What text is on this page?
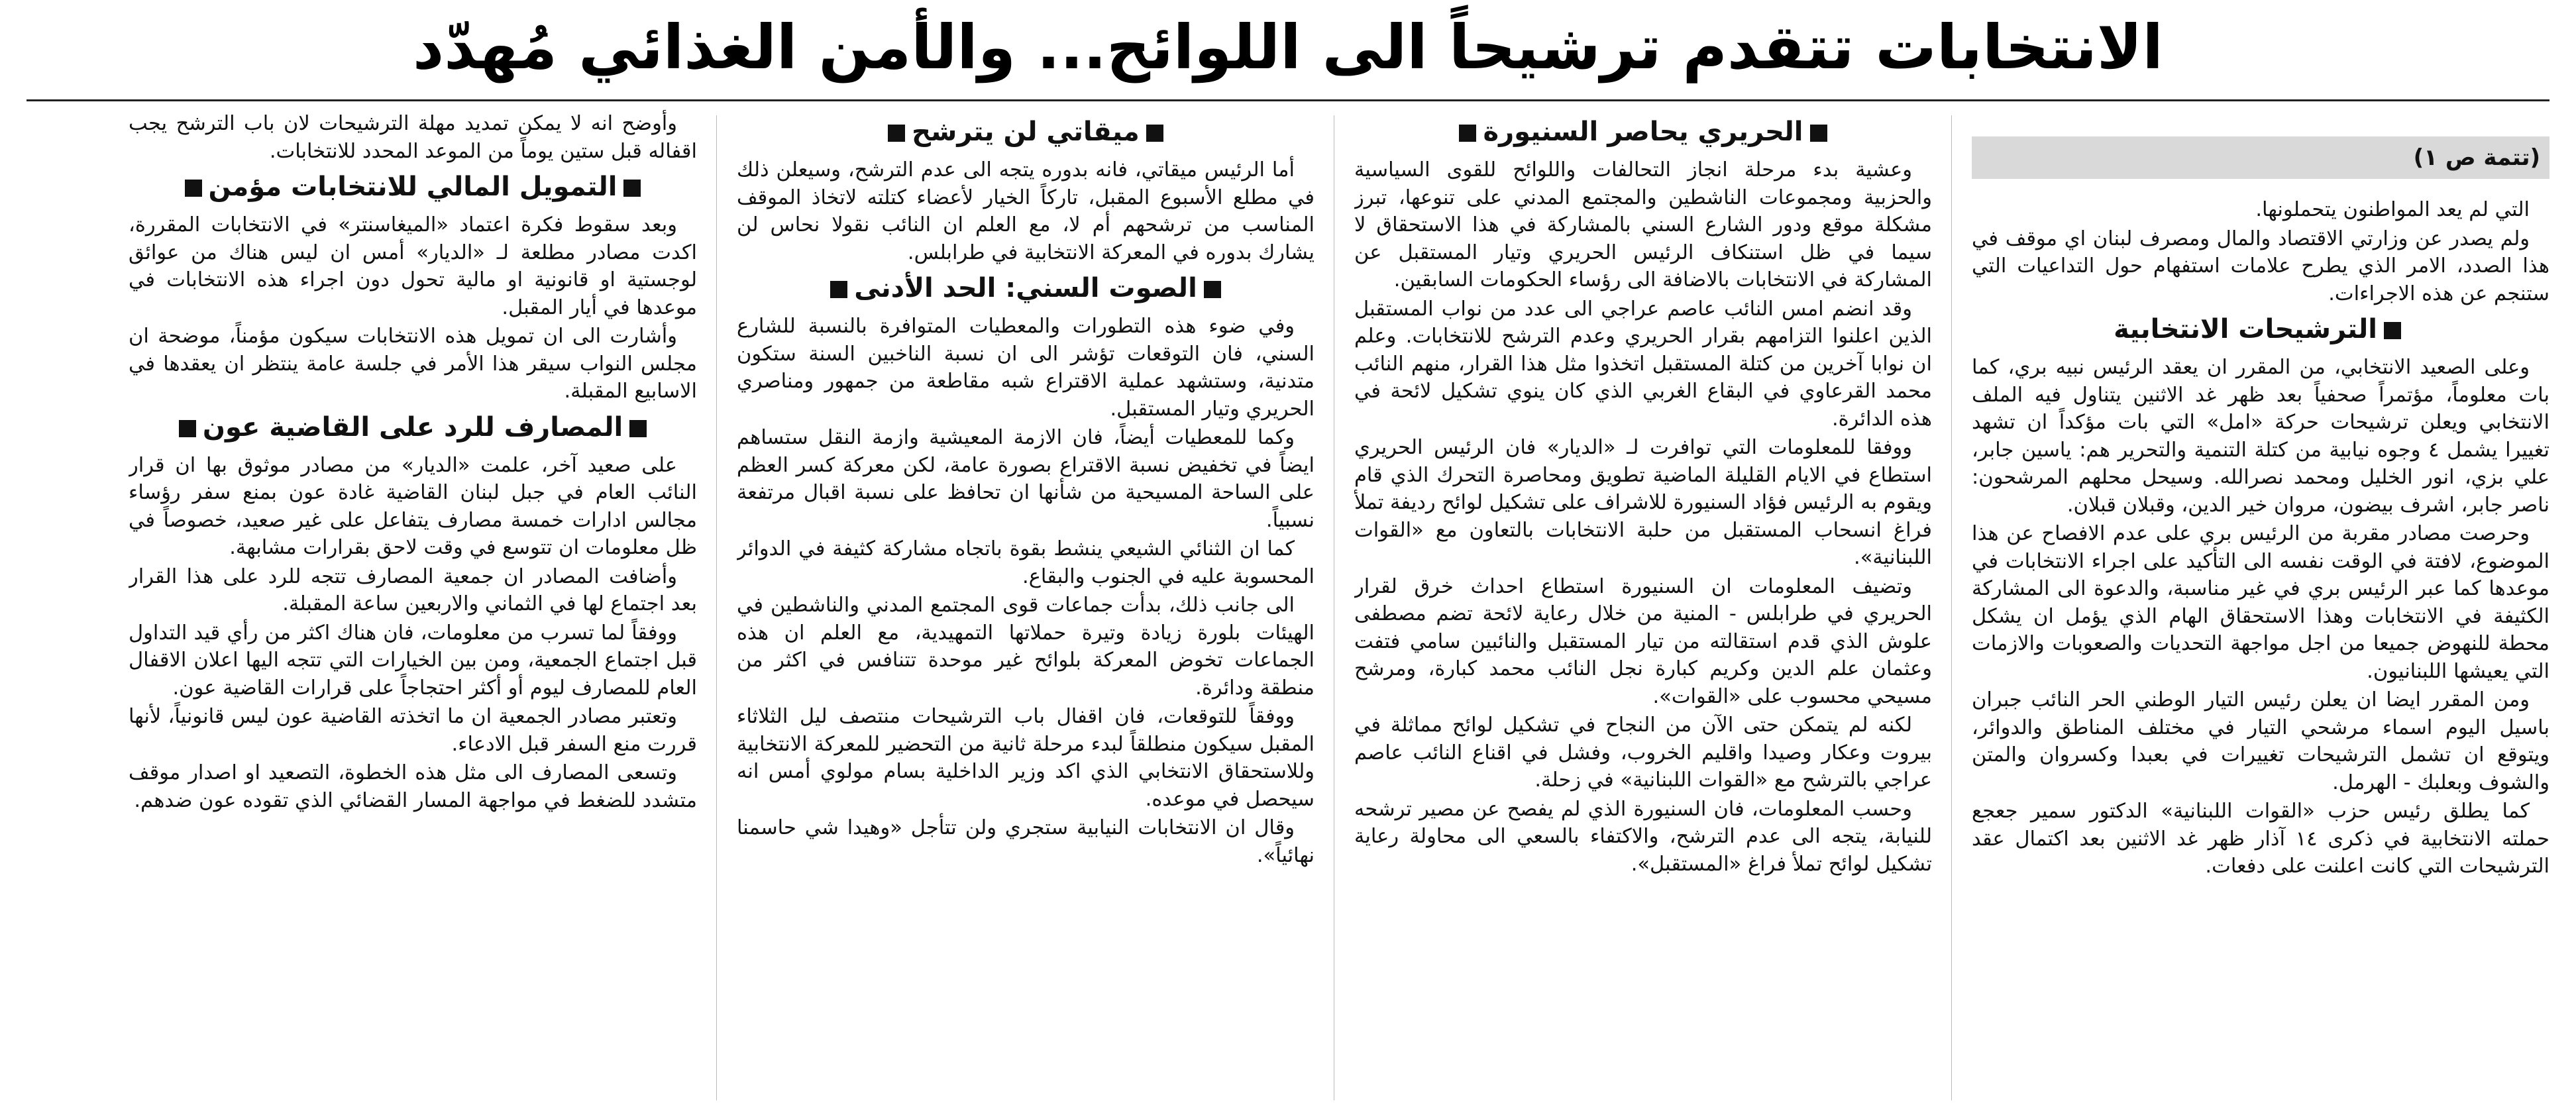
الانتخابات تتقدم ترشيحاً الى اللوائح... والأمن الغذائي مُهدّد
(تتمة ص ١)

التي لم يعد المواطنون يتحملونها.

ولم يصدر عن وزارتي الاقتصاد والمال ومصرف لبنان اي موقف في هذا الصدد، الامر الذي يطرح علامات استفهام حول التداعيات التي ستنجم عن هذه الاجراءات.

الترشيحات الانتخابية

وعلى الصعيد الانتخابي، من المقرر ان يعقد الرئيس نبيه بري، كما بات معلوماً، مؤتمراً صحفياً بعد ظهر غد الاثنين يتناول فيه الملف الانتخابي ويعلن ترشيحات حركة «امل» التي بات مؤكداً ان تشهد تغييرا يشمل ٤ وجوه نيابية من كتلة التنمية والتحرير هم: ياسين جابر، علي بزي، انور الخليل ومحمد نصرالله. وسيحل محلهم المرشحون: ناصر جابر، اشرف بيضون، مروان خير الدين، وقبلان قبلان.

وحرصت مصادر مقربة من الرئيس بري على عدم الافصاح عن هذا الموضوع، لافتة في الوقت نفسه الى التأكيد على اجراء الانتخابات في موعدها كما عبر الرئيس بري في غير مناسبة، والدعوة الى المشاركة الكثيفة في الانتخابات وهذا الاستحقاق الهام الذي يؤمل ان يشكل محطة للنهوض جميعا من اجل مواجهة التحديات والصعوبات والازمات التي يعيشها اللبنانيون.

ومن المقرر ايضا ان يعلن رئيس التيار الوطني الحر النائب جبران باسيل اليوم اسماء مرشحي التيار في مختلف المناطق والدوائر، ويتوقع ان تشمل الترشيحات تغييرات في بعبدا وكسروان والمتن والشوف وبعلبك - الهرمل.

كما يطلق رئيس حزب «القوات اللبنانية» الدكتور سمير جعجع حملته الانتخابية في ذكرى ١٤ آذار ظهر غد الاثنين بعد اكتمال عقد الترشيحات التي كانت اعلنت على دفعات.

الحريري يحاصر السنيورة

وعشية بدء مرحلة انجاز التحالفات واللوائح للقوى السياسية والحزبية ومجموعات الناشطين والمجتمع المدني على تنوعها، تبرز مشكلة موقع ودور الشارع السني بالمشاركة في هذا الاستحقاق لا سيما في ظل استنكاف الرئيس الحريري وتيار المستقبل عن المشاركة في الانتخابات بالاضافة الى رؤساء الحكومات السابقين.

وقد انضم امس النائب عاصم عراجي الى عدد من نواب المستقبل الذين اعلنوا التزامهم بقرار الحريري وعدم الترشح للانتخابات. وعلم ان نوابا آخرين من كتلة المستقبل اتخذوا مثل هذا القرار، منهم النائب محمد القرعاوي في البقاع الغربي الذي كان ينوي تشكيل لائحة في هذه الدائرة.

ووفقا للمعلومات التي توافرت لـ «الديار» فان الرئيس الحريري استطاع في الايام القليلة الماضية تطويق ومحاصرة التحرك الذي قام ويقوم به الرئيس فؤاد السنيورة للاشراف على تشكيل لوائح رديفة تملأ فراغ انسحاب المستقبل من حلبة الانتخابات بالتعاون مع «القوات اللبنانية».

وتضيف المعلومات ان السنيورة استطاع احداث خرق لقرار الحريري في طرابلس - المنية من خلال رعاية لائحة تضم مصطفى علوش الذي قدم استقالته من تيار المستقبل والنائبين سامي فتفت وعثمان علم الدين وكريم كبارة نجل النائب محمد كبارة، ومرشح مسيحي محسوب على «القوات».

لكنه لم يتمكن حتى الآن من النجاح في تشكيل لوائح مماثلة في بيروت وعكار وصيدا واقليم الخروب، وفشل في اقناع النائب عاصم عراجي بالترشح مع «القوات اللبنانية» في زحلة.

وحسب المعلومات، فان السنيورة الذي لم يفصح عن مصير ترشحه للنيابة، يتجه الى عدم الترشح، والاكتفاء بالسعي الى محاولة رعاية تشكيل لوائح تملأ فراغ «المستقبل».

ميقاتي لن يترشح

أما الرئيس ميقاتي، فانه بدوره يتجه الى عدم الترشح، وسيعلن ذلك في مطلع الأسبوع المقبل، تاركاً الخيار لأعضاء كتلته لاتخاذ الموقف المناسب من ترشحهم أم لا، مع العلم ان النائب نقولا نحاس لن يشارك بدوره في المعركة الانتخابية في طرابلس.

الصوت السني: الحد الأدنى

وفي ضوء هذه التطورات والمعطيات المتوافرة بالنسبة للشارع السني، فان التوقعات تؤشر الى ان نسبة الناخبين السنة ستكون متدنية، وستشهد عملية الاقتراع شبه مقاطعة من جمهور ومناصري الحريري وتيار المستقبل.

وكما للمعطيات أيضاً، فان الازمة المعيشية وازمة النقل ستساهم ايضاً في تخفيض نسبة الاقتراع بصورة عامة، لكن معركة كسر العظم على الساحة المسيحية من شأنها ان تحافظ على نسبة اقبال مرتفعة نسبياً.

كما ان الثنائي الشيعي ينشط بقوة باتجاه مشاركة كثيفة في الدوائر المحسوبة عليه في الجنوب والبقاع.

الى جانب ذلك، بدأت جماعات قوى المجتمع المدني والناشطين في الهيئات بلورة زيادة وتيرة حملاتها التمهيدية، مع العلم ان هذه الجماعات تخوض المعركة بلوائح غير موحدة تتنافس في اكثر من منطقة ودائرة.

ووفقاً للتوقعات، فان اقفال باب الترشيحات منتصف ليل الثلاثاء المقبل سيكون منطلقاً لبدء مرحلة ثانية من التحضير للمعركة الانتخابية وللاستحقاق الانتخابي الذي اكد وزير الداخلية بسام مولوي أمس انه سيحصل في موعده.

وقال ان الانتخابات النيابية ستجري ولن تتأجل «وهيدا شي حاسمنا نهائياً».

وأوضح انه لا يمكن تمديد مهلة الترشيحات لان باب الترشح يجب اقفاله قبل ستين يوماً من الموعد المحدد للانتخابات.

التمويل المالي للانتخابات مؤمن

وبعد سقوط فكرة اعتماد «الميغاسنتر» في الانتخابات المقررة، اكدت مصادر مطلعة لـ «الديار» أمس ان ليس هناك من عوائق لوجستية او قانونية او مالية تحول دون اجراء هذه الانتخابات في موعدها في أيار المقبل.

وأشارت الى ان تمويل هذه الانتخابات سيكون مؤمناً، موضحة ان مجلس النواب سيقر هذا الأمر في جلسة عامة ينتظر ان يعقدها في الاسابيع المقبلة.

المصارف للرد على القاضية عون

على صعيد آخر، علمت «الديار» من مصادر موثوق بها ان قرار النائب العام في جبل لبنان القاضية غادة عون بمنع سفر رؤساء مجالس ادارات خمسة مصارف يتفاعل على غير صعيد، خصوصاً في ظل معلومات ان تتوسع في وقت لاحق بقرارات مشابهة.

وأضافت المصادر ان جمعية المصارف تتجه للرد على هذا القرار بعد اجتماع لها في الثماني والاربعين ساعة المقبلة.

ووفقاً لما تسرب من معلومات، فان هناك اكثر من رأي قيد التداول قبل اجتماع الجمعية، ومن بين الخيارات التي تتجه اليها اعلان الاقفال العام للمصارف ليوم أو أكثر احتجاجاً على قرارات القاضية عون.

وتعتبر مصادر الجمعية ان ما اتخذته القاضية عون ليس قانونياً، لأنها قررت منع السفر قبل الادعاء.

وتسعى المصارف الى مثل هذه الخطوة، التصعيد او اصدار موقف متشدد للضغط في مواجهة المسار القضائي الذي تقوده عون ضدهم.
